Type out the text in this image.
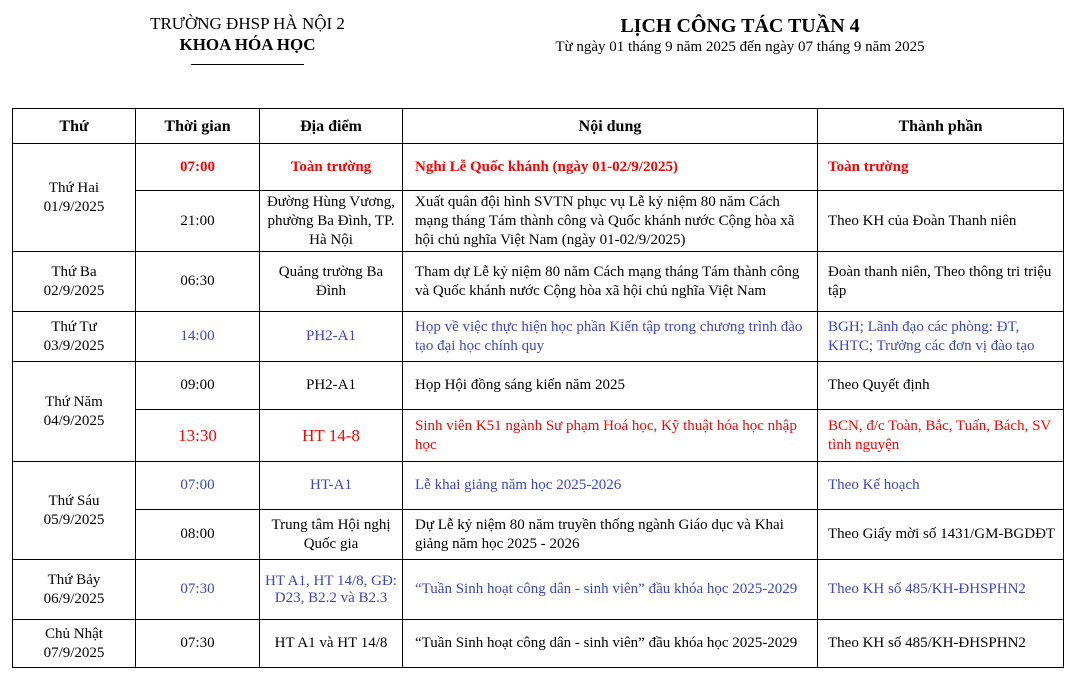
TRƯỜNG ĐHSP HÀ NỘI 2
KHOA HÓA HỌC
LỊCH CÔNG TÁC TUẦN 4
Từ ngày 01 tháng 9 năm 2025 đến ngày 07 tháng 9 năm 2025
Thứ	Thời gian	Địa điểm	Nội dung	Thành phần

Thứ Hai
01/9/2025	07:00	Toàn trường	Nghỉ Lễ Quốc khánh (ngày 01-02/9/2025)	Toàn trường
	21:00	Đường Hùng Vương, phường Ba Đình, TP. Hà Nội	Xuất quân đội hình SVTN phục vụ Lễ kỷ niệm 80 năm Cách mạng tháng Tám thành công và Quốc khánh nước Cộng hòa xã hội chủ nghĩa Việt Nam (ngày 01-02/9/2025)	Theo KH của Đoàn Thanh niên

Thứ Ba
02/9/2025	06:30	Quảng trường Ba Đình	Tham dự Lễ kỷ niệm 80 năm Cách mạng tháng Tám thành công và Quốc khánh nước Cộng hòa xã hội chủ nghĩa Việt Nam	Đoàn thanh niên, Theo thông tri triệu tập

Thứ Tư
03/9/2025	14:00	PH2-A1	Họp về việc thực hiện học phần Kiến tập trong chương trình đào tạo đại học chính quy	BGH; Lãnh đạo các phòng: ĐT, KHTC; Trưởng các đơn vị đào tạo

Thứ Năm
04/9/2025	09:00	PH2-A1	Họp Hội đồng sáng kiến năm 2025	Theo Quyết định
	13:30	HT 14-8	Sinh viên K51 ngành Sư phạm Hoá học, Kỹ thuật hóa học nhập học	BCN, đ/c Toàn, Bắc, Tuấn, Bách, SV tình nguyện

Thứ Sáu
05/9/2025	07:00	HT-A1	Lễ khai giảng năm học 2025-2026	Theo Kế hoạch
	08:00	Trung tâm Hội nghị Quốc gia	Dự Lễ kỷ niệm 80 năm truyền thống ngành Giáo dục và Khai giảng năm học 2025 - 2026	Theo Giấy mời số 1431/GM-BGDĐT

Thứ Bảy
06/9/2025	07:30	HT A1, HT 14/8, GĐ: D23, B2.2 và B2.3	“Tuần Sinh hoạt công dân - sinh viên” đầu khóa học 2025-2029	Theo KH số 485/KH-ĐHSPHN2

Chủ Nhật
07/9/2025	07:30	HT A1 và HT 14/8	“Tuần Sinh hoạt công dân - sinh viên” đầu khóa học 2025-2029	Theo KH số 485/KH-ĐHSPHN2
